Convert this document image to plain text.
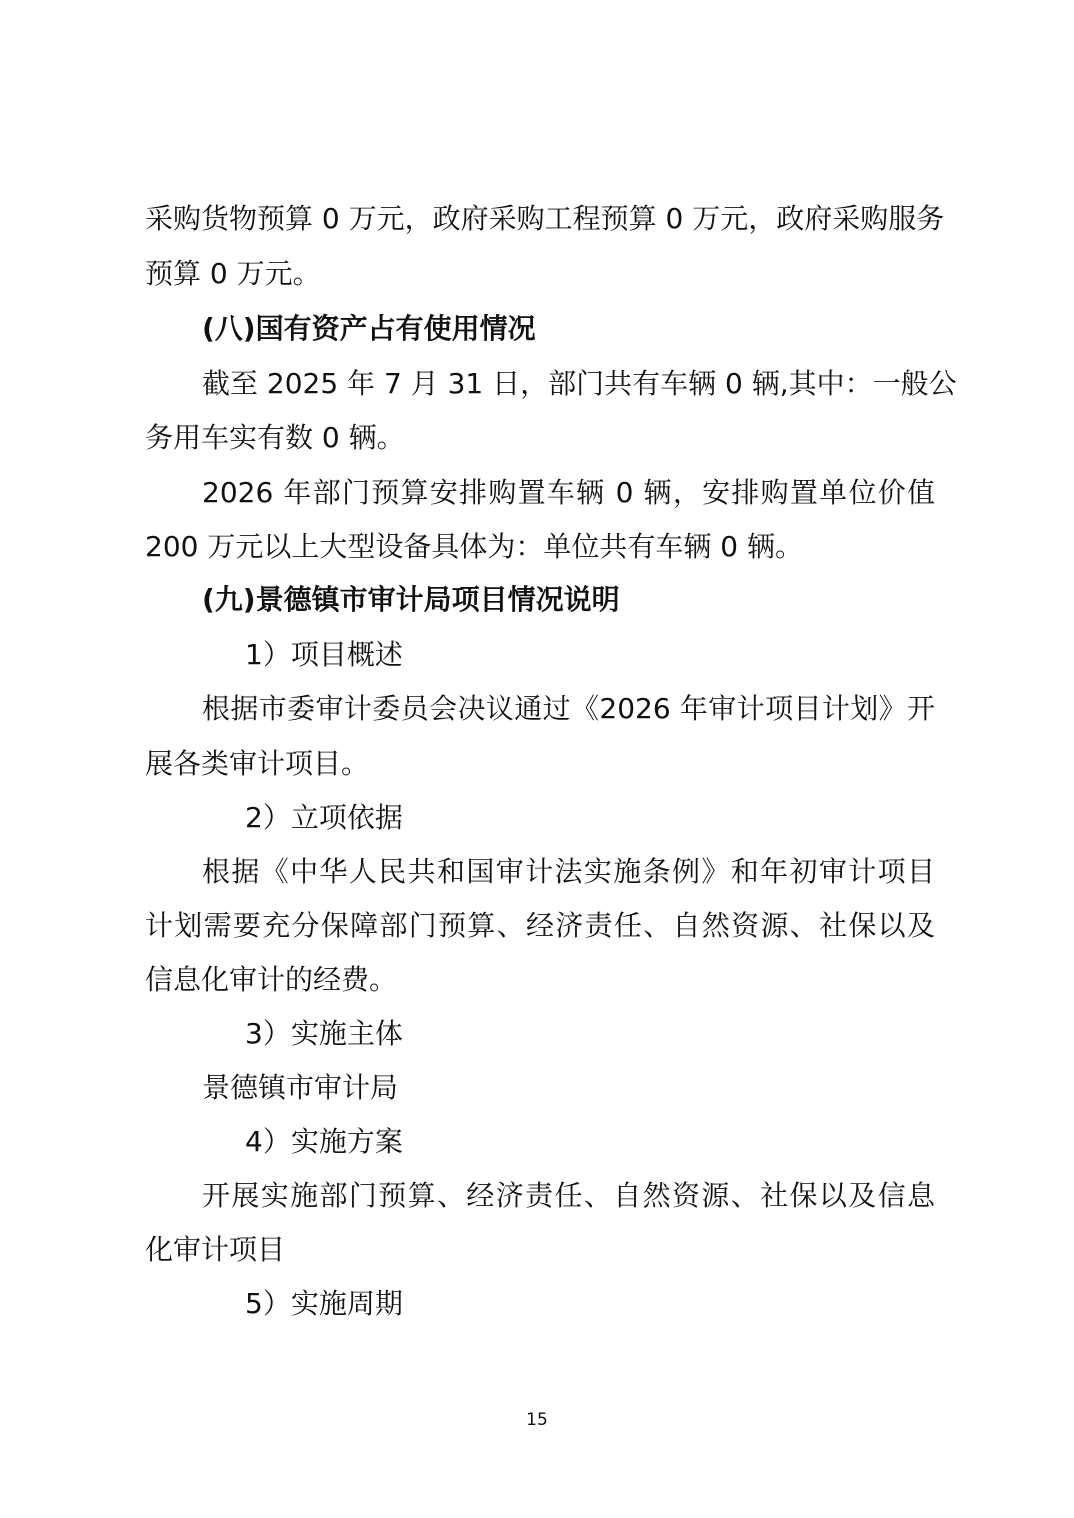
采购货物预算 0 万元，政府采购工程预算 0 万元，政府采购服务
预算 0 万元。
(八)国有资产占有使用情况
截至 2025 年 7 月 31 日，部门共有车辆 0 辆,其中：一般公
务用车实有数 0 辆。
2026 年部门预算安排购置车辆 0 辆，安排购置单位价值
200 万元以上大型设备具体为：单位共有车辆 0 辆。
(九)景德镇市审计局项目情况说明
1）项目概述
根据市委审计委员会决议通过《2026 年审计项目计划》开
展各类审计项目。
2）立项依据
根据《中华人民共和国审计法实施条例》和年初审计项目
计划需要充分保障部门预算、经济责任、自然资源、社保以及
信息化审计的经费。
3）实施主体
景德镇市审计局
4）实施方案
开展实施部门预算、经济责任、自然资源、社保以及信息
化审计项目
5）实施周期
15
